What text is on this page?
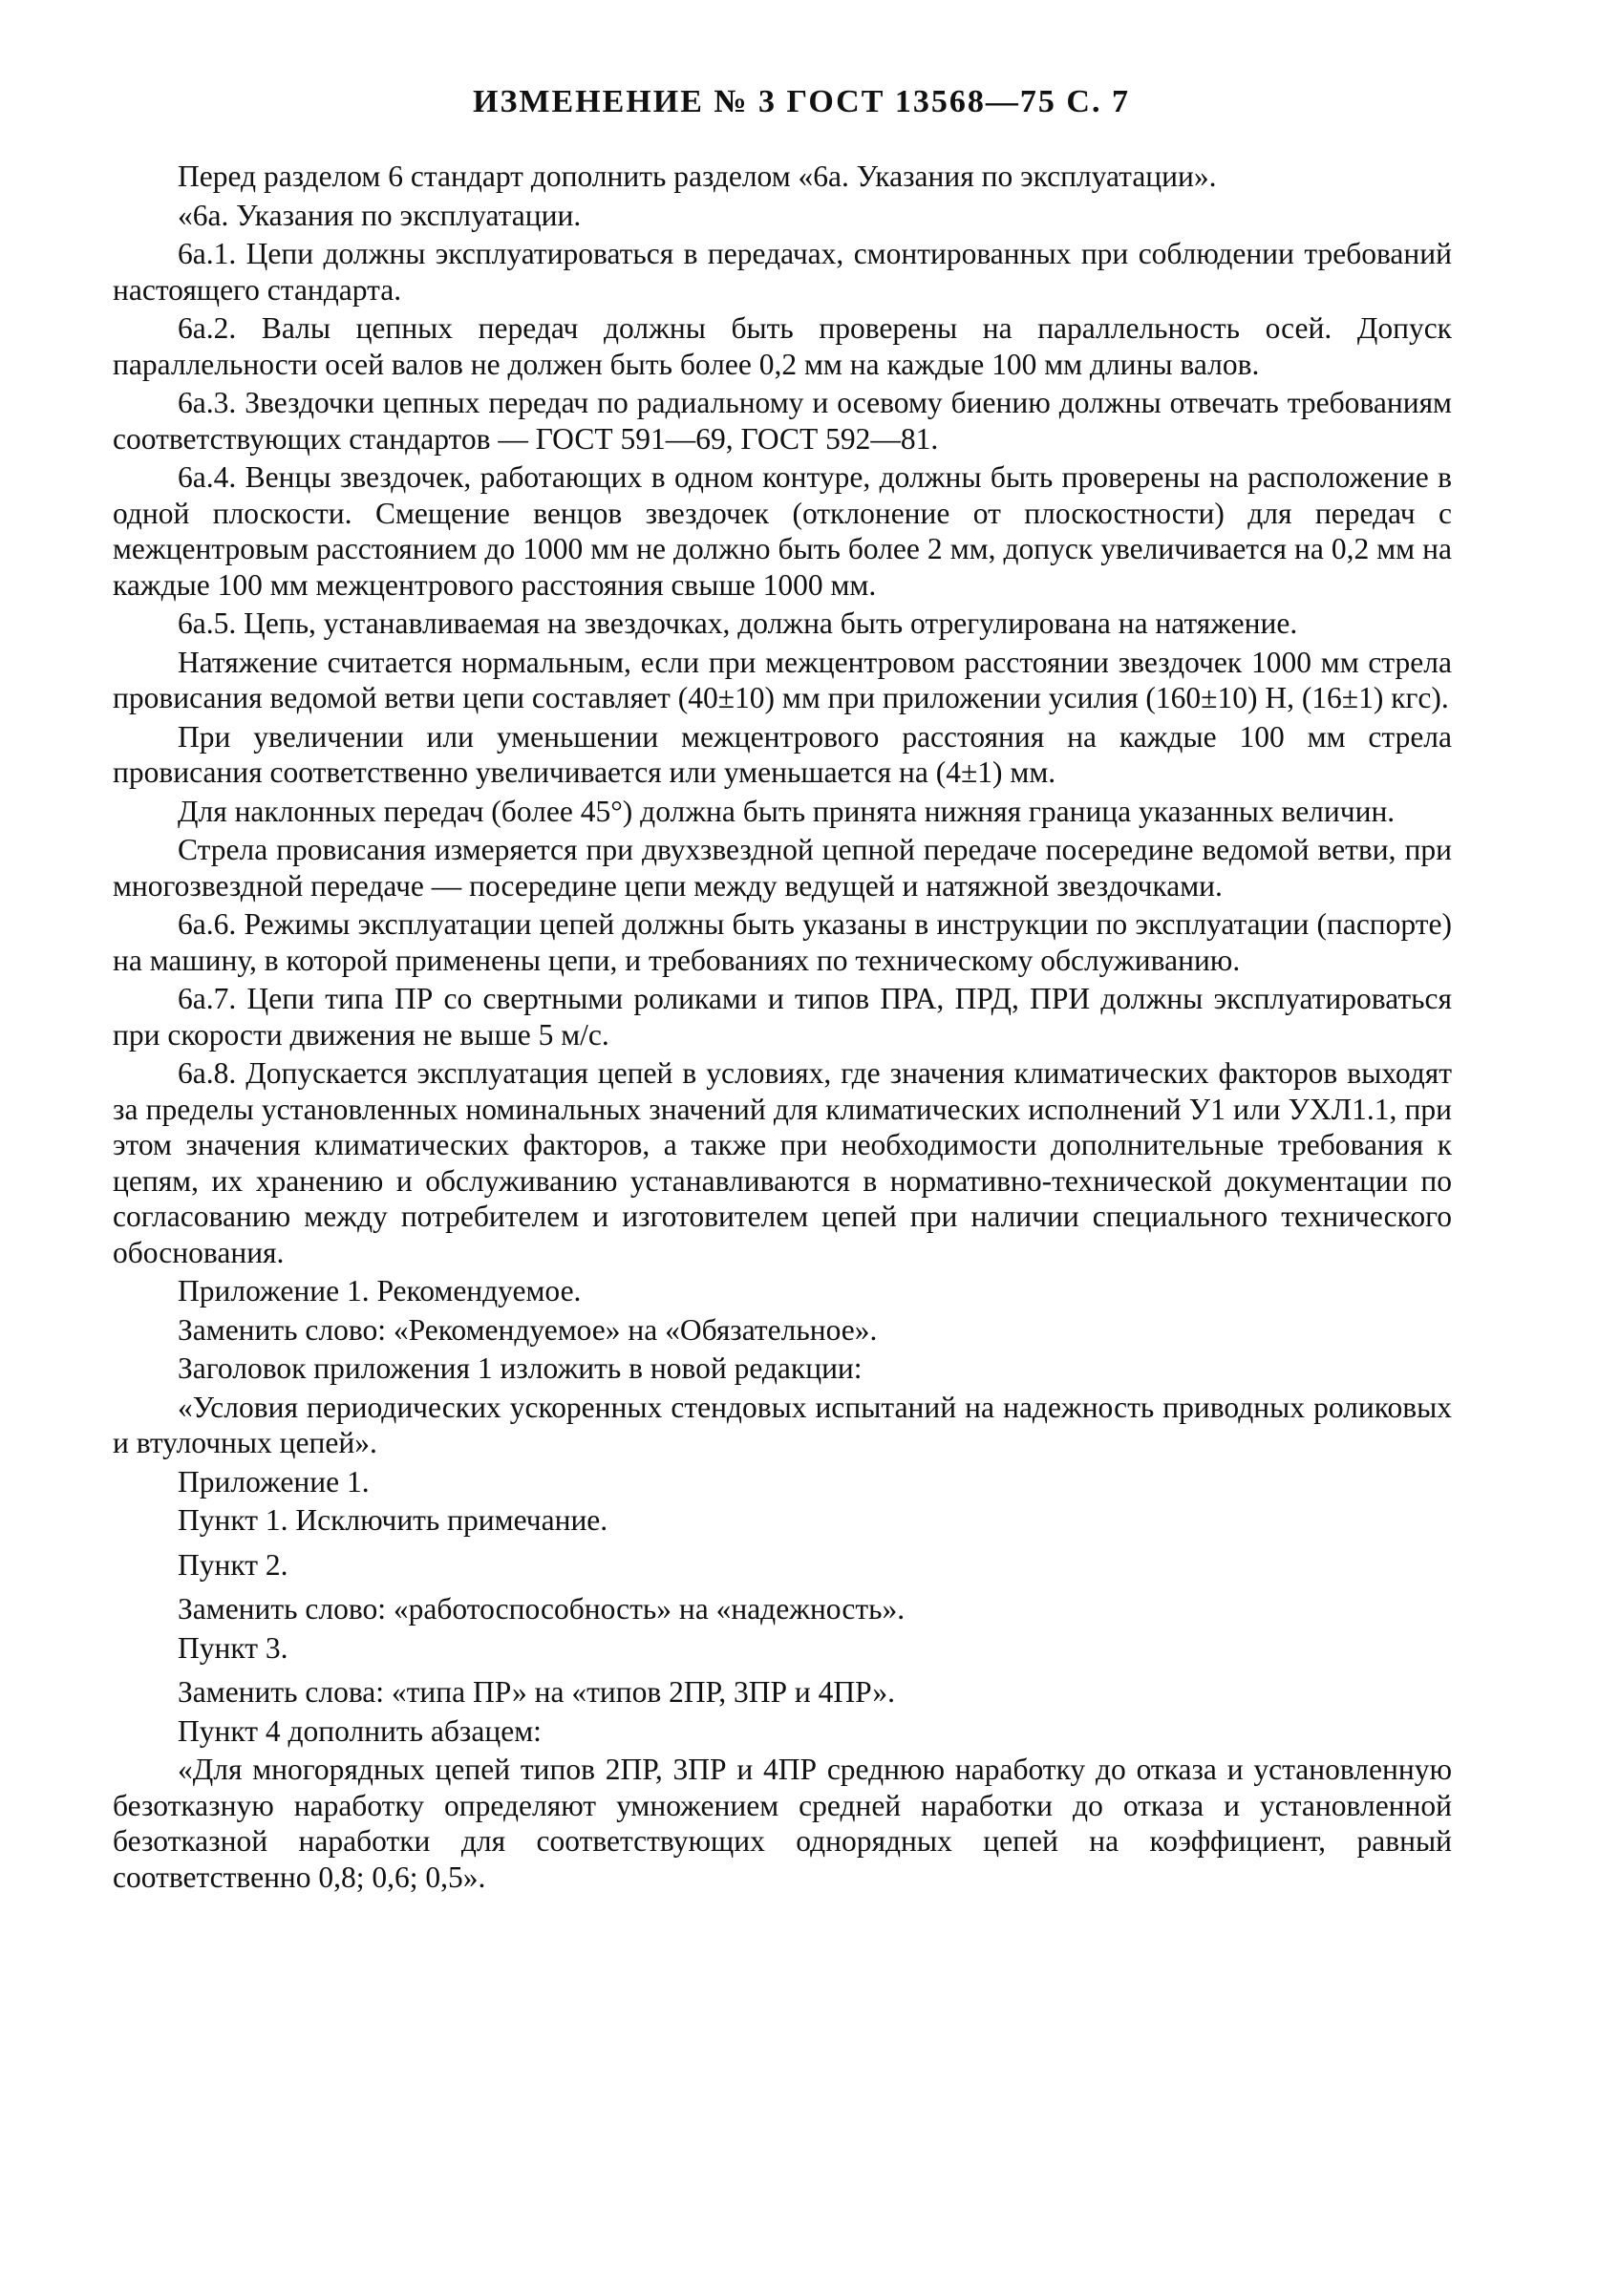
ИЗМЕНЕНИЕ № 3 ГОСТ 13568—75 С. 7

Перед разделом 6 стандарт дополнить разделом «6а. Указания по эксплуатации».

«6а. Указания по эксплуатации.

6а.1. Цепи должны эксплуатироваться в передачах, смонтированных при соблюдении требований настоящего стандарта.

6а.2. Валы цепных передач должны быть проверены на параллельность осей. Допуск параллельности осей валов не должен быть более 0,2 мм на каждые 100 мм длины валов.

6а.3. Звездочки цепных передач по радиальному и осевому биению должны отвечать требованиям соответствующих стандартов — ГОСТ 591—69, ГОСТ 592—81.

6а.4. Венцы звездочек, работающих в одном контуре, должны быть проверены на расположение в одной плоскости. Смещение венцов звездочек (отклонение от плоскостности) для передач с межцентровым расстоянием до 1000 мм не должно быть более 2 мм, допуск увеличивается на 0,2 мм на каждые 100 мм межцентрового расстояния свыше 1000 мм.

6а.5. Цепь, устанавливаемая на звездочках, должна быть отрегулирована на натяжение.

Натяжение считается нормальным, если при межцентровом расстоянии звездочек 1000 мм стрела провисания ведомой ветви цепи составляет (40±10) мм при приложении усилия (160±10) Н, (16±1) кгс).

При увеличении или уменьшении межцентрового расстояния на каждые 100 мм стрела провисания соответственно увеличивается или уменьшается на (4±1) мм.

Для наклонных передач (более 45°) должна быть принята нижняя граница указанных величин.

Стрела провисания измеряется при двухзвездной цепной передаче посередине ведомой ветви, при многозвездной передаче — посередине цепи между ведущей и натяжной звездочками.

6а.6. Режимы эксплуатации цепей должны быть указаны в инструкции по эксплуатации (паспорте) на машину, в которой применены цепи, и требованиях по техническому обслуживанию.

6а.7. Цепи типа ПР со свертными роликами и типов ПРА, ПРД, ПРИ должны эксплуатироваться при скорости движения не выше 5 м/с.

6а.8. Допускается эксплуатация цепей в условиях, где значения климатических факторов выходят за пределы установленных номинальных значений для климатических исполнений У1 или УХЛ1.1, при этом значения климатических факторов, а также при необходимости дополнительные требования к цепям, их хранению и обслуживанию устанавливаются в нормативно-технической документации по согласованию между потребителем и изготовителем цепей при наличии специального технического обоснования.

Приложение 1. Рекомендуемое.

Заменить слово: «Рекомендуемое» на «Обязательное».

Заголовок приложения 1 изложить в новой редакции:

«Условия периодических ускоренных стендовых испытаний на надежность приводных роликовых и втулочных цепей».

Приложение 1.

Пункт 1. Исключить примечание.

Пункт 2.

Заменить слово: «работоспособность» на «надежность».

Пункт 3.

Заменить слова: «типа ПР» на «типов 2ПР, 3ПР и 4ПР».

Пункт 4 дополнить абзацем:

«Для многорядных цепей типов 2ПР, 3ПР и 4ПР среднюю наработку до отказа и установленную безотказную наработку определяют умножением средней наработки до отказа и установленной безотказной наработки для соответствующих однорядных цепей на коэффициент, равный соответственно 0,8; 0,6; 0,5».
